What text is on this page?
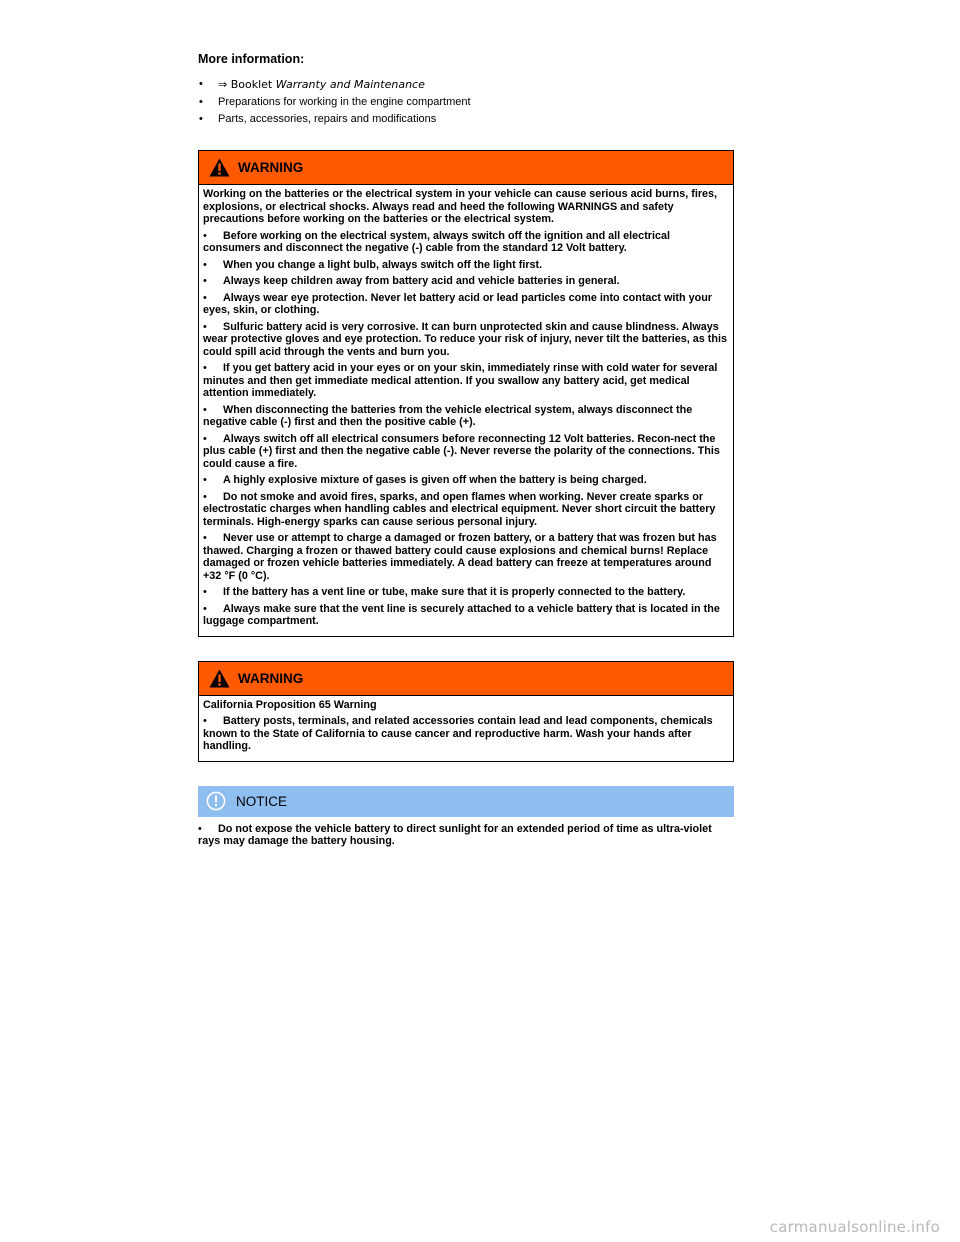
More information:
• ⇒ Booklet Warranty and Maintenance
• Preparations for working in the engine compartment
• Parts, accessories, repairs and modifications
WARNING

Working on the batteries or the electrical system in your vehicle can cause serious acid burns, fires, explosions, or electrical shocks. Always read and heed the following WARNINGS and safety precautions before working on the batteries or the electrical system.

• Before working on the electrical system, always switch off the ignition and all electrical consumers and disconnect the negative (-) cable from the standard 12 Volt battery.
• When you change a light bulb, always switch off the light first.
• Always keep children away from battery acid and vehicle batteries in general.
• Always wear eye protection. Never let battery acid or lead particles come into contact with your eyes, skin, or clothing.
• Sulfuric battery acid is very corrosive. It can burn unprotected skin and cause blindness. Always wear protective gloves and eye protection. To reduce your risk of injury, never tilt the batteries, as this could spill acid through the vents and burn you.
• If you get battery acid in your eyes or on your skin, immediately rinse with cold water for several minutes and then get immediate medical attention. If you swallow any battery acid, get medical attention immediately.
• When disconnecting the batteries from the vehicle electrical system, always disconnect the negative cable (-) first and then the positive cable (+).
• Always switch off all electrical consumers before reconnecting 12 Volt batteries. Recon-nect the plus cable (+) first and then the negative cable (-). Never reverse the polarity of the connections. This could cause a fire.
• A highly explosive mixture of gases is given off when the battery is being charged.
• Do not smoke and avoid fires, sparks, and open flames when working. Never create sparks or electrostatic charges when handling cables and electrical equipment. Never short circuit the battery terminals. High-energy sparks can cause serious personal injury.
• Never use or attempt to charge a damaged or frozen battery, or a battery that was frozen but has thawed. Charging a frozen or thawed battery could cause explosions and chemical burns! Replace damaged or frozen vehicle batteries immediately. A dead battery can freeze at temperatures around +32 °F (0 °C).
• If the battery has a vent line or tube, make sure that it is properly connected to the battery.
• Always make sure that the vent line is securely attached to a vehicle battery that is located in the luggage compartment.
WARNING

California Proposition 65 Warning

• Battery posts, terminals, and related accessories contain lead and lead components, chemicals known to the State of California to cause cancer and reproductive harm. Wash your hands after handling.
NOTICE
• Do not expose the vehicle battery to direct sunlight for an extended period of time as ultra-violet rays may damage the battery housing.
carmanualsonline.info
